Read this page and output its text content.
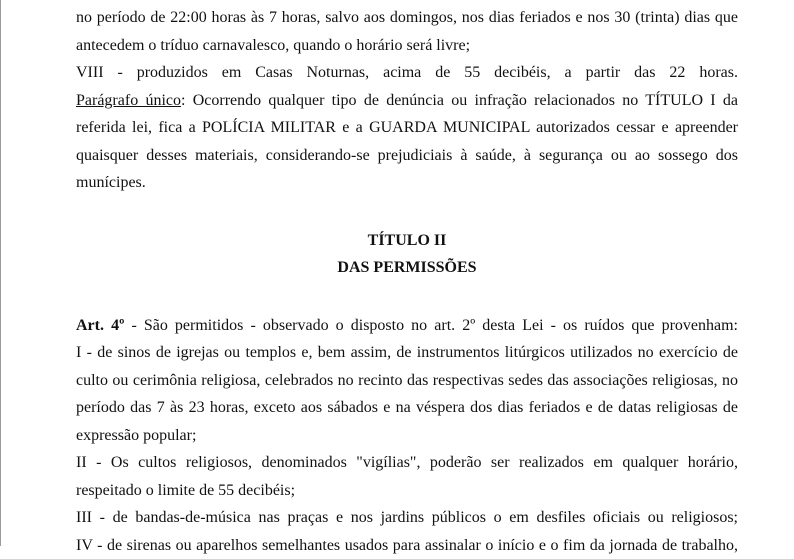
no período de 22:00 horas às 7 horas, salvo aos domingos, nos dias feriados e nos 30 (trinta) dias que
antecedem o tríduo carnavalesco, quando o horário será livre;
VIII - produzidos em Casas Noturnas, acima de 55 decibéis, a partir das 22 horas.
Parágrafo único: Ocorrendo qualquer tipo de denúncia ou infração relacionados no TÍTULO I da
referida lei, fica a POLÍCIA MILITAR e a GUARDA MUNICIPAL autorizados cessar e apreender
quaisquer desses materiais, considerando-se prejudiciais à saúde, à segurança ou ao sossego dos
munícipes.
TÍTULO II
DAS PERMISSÕES
Art. 4º - São permitidos - observado o disposto no art. 2º desta Lei - os ruídos que provenham:
I - de sinos de igrejas ou templos e, bem assim, de instrumentos litúrgicos utilizados no exercício de
culto ou cerimônia religiosa, celebrados no recinto das respectivas sedes das associações religiosas, no
período das 7 às 23 horas, exceto aos sábados e na véspera dos dias feriados e de datas religiosas de
expressão popular;
II - Os cultos religiosos, denominados "vigílias", poderão ser realizados em qualquer horário,
respeitado o limite de 55 decibéis;
III - de bandas-de-música nas praças e nos jardins públicos o em desfiles oficiais ou religiosos;
IV - de sirenas ou aparelhos semelhantes usados para assinalar o início e o fim da jornada de trabalho,
